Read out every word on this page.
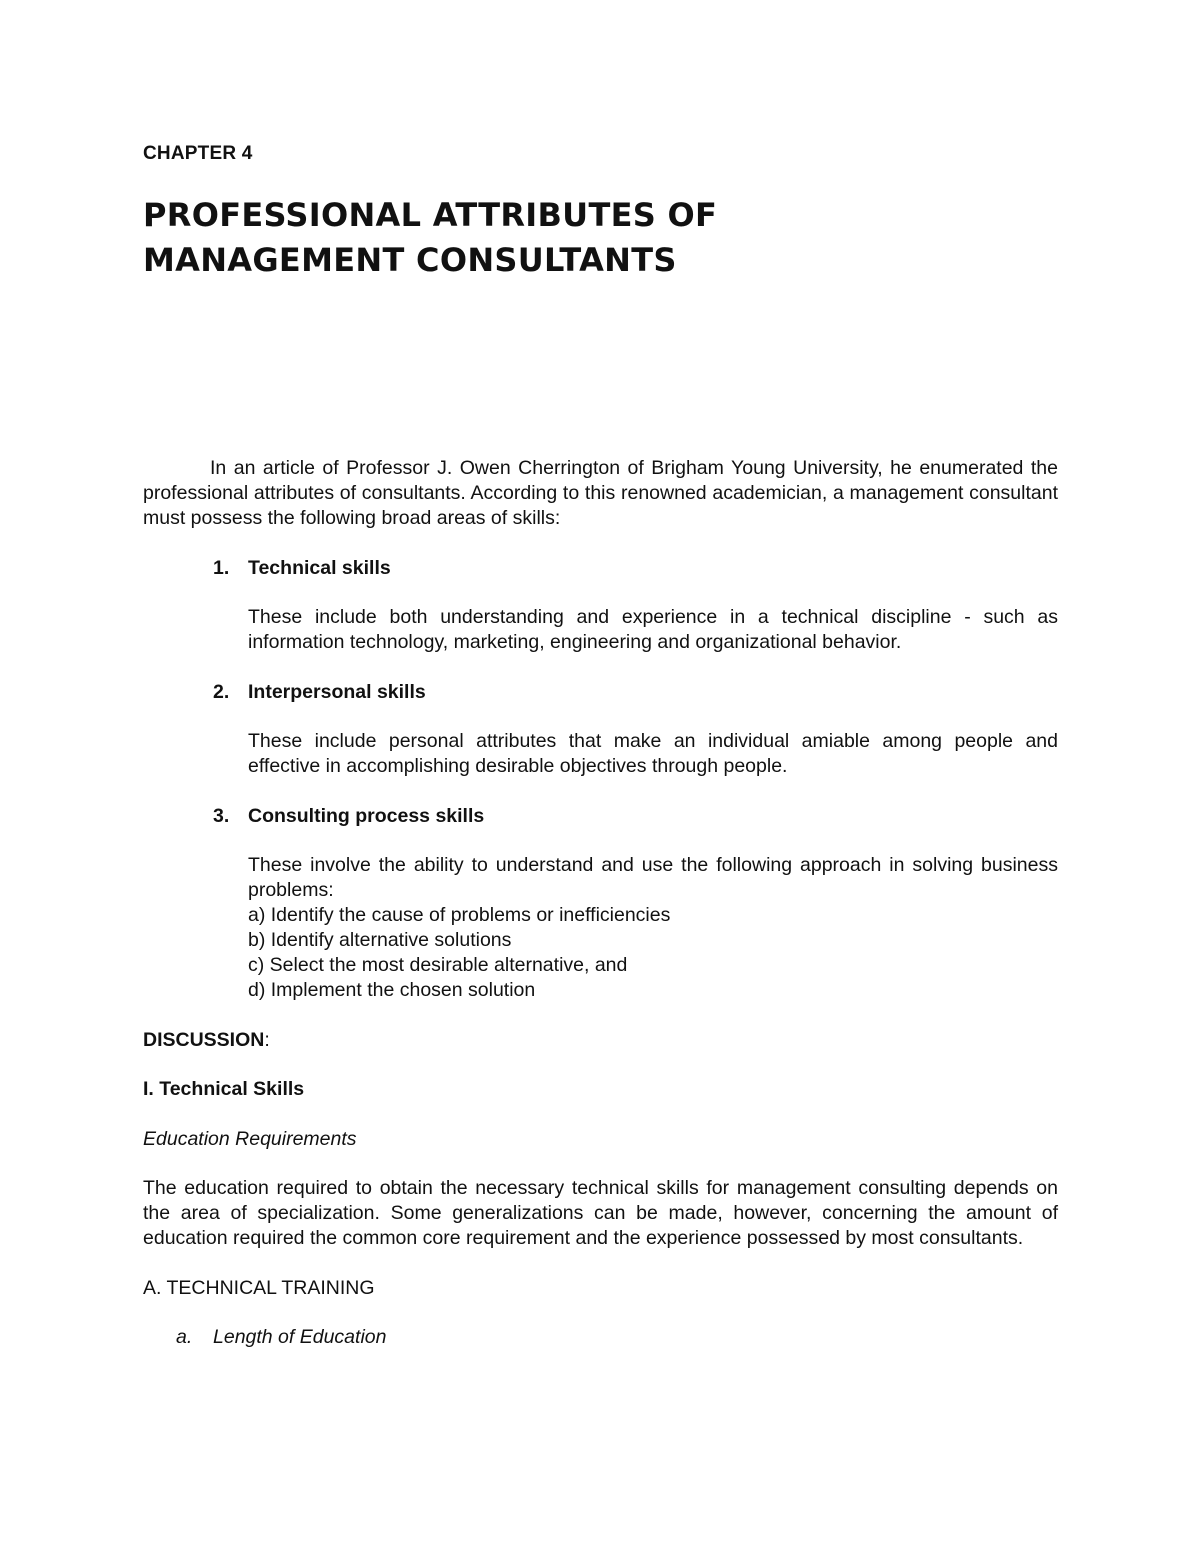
CHAPTER 4
PROFESSIONAL ATTRIBUTES OF
MANAGEMENT CONSULTANTS

In an article of Professor J. Owen Cherrington of Brigham Young University, he enumerated the professional attributes of consultants. According to this renowned academician, a management consultant must possess the following broad areas of skills:

1. Technical skills

These include both understanding and experience in a technical discipline - such as information technology, marketing, engineering and organizational behavior.

2. Interpersonal skills

These include personal attributes that make an individual amiable among people and effective in accomplishing desirable objectives through people.

3. Consulting process skills

These involve the ability to understand and use the following approach in solving business problems:

a) Identify the cause of problems or inefficiencies

b) Identify alternative solutions

c) Select the most desirable alternative, and

d) Implement the chosen solution

DISCUSSION:

I. Technical Skills

Education Requirements

The education required to obtain the necessary technical skills for management consulting depends on the area of specialization. Some generalizations can be made, however, concerning the amount of education required the common core requirement and the experience possessed by most consultants.

A. TECHNICAL TRAINING

a. Length of Education
